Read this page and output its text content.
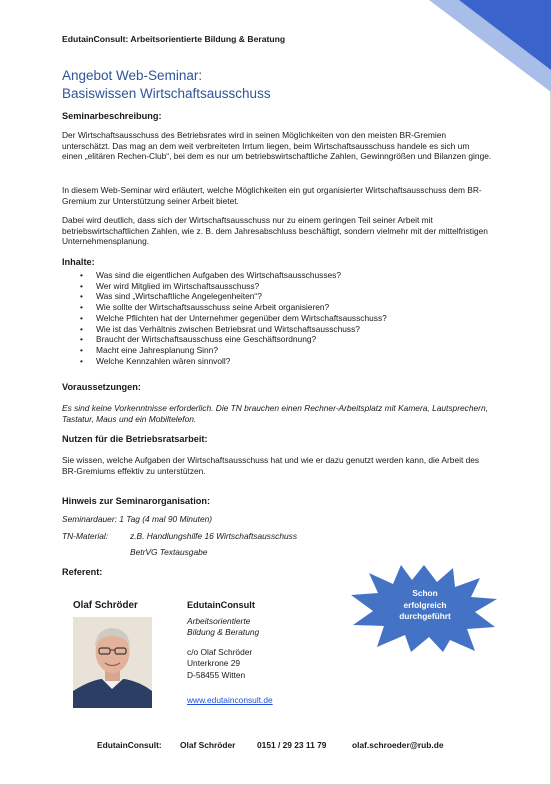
EdutainConsult: Arbeitsorientierte Bildung & Beratung
Angebot Web-Seminar:
Basiswissen Wirtschaftsausschuss
Seminarbeschreibung:
Der Wirtschaftsausschuss des Betriebsrates wird in seinen Möglichkeiten von den meisten BR-Gremien unterschätzt. Das mag an dem weit verbreiteten Irrtum liegen, beim Wirtschaftsausschuss handele es sich um einen „elitären Rechen-Club“, bei dem es nur um betriebswirtschaftliche Zahlen, Gewinngrößen und Bilanzen ginge.
In diesem Web-Seminar wird erläutert, welche Möglichkeiten ein gut organisierter Wirtschaftsausschuss dem BR-Gremium zur Unterstützung seiner Arbeit bietet.
Dabei wird deutlich, dass sich der Wirtschaftsausschuss nur zu einem geringen Teil seiner Arbeit mit betriebswirtschaftlichen Zahlen, wie z. B. dem Jahresabschluss beschäftigt, sondern vielmehr mit der mittelfristigen Unternehmensplanung.
Inhalte:
• Was sind die eigentlichen Aufgaben des Wirtschaftsausschusses?
• Wer wird Mitglied im Wirtschaftsausschuss?
• Was sind „Wirtschaftliche Angelegenheiten“?
• Wie sollte der Wirtschaftsausschuss seine Arbeit organisieren?
• Welche Pflichten hat der Unternehmer gegenüber dem Wirtschaftsausschuss?
• Wie ist das Verhältnis zwischen Betriebsrat und Wirtschaftsausschuss?
• Braucht der Wirtschaftsausschuss eine Geschäftsordnung?
• Macht eine Jahresplanung Sinn?
• Welche Kennzahlen wären sinnvoll?
Voraussetzungen:
Es sind keine Vorkenntnisse erforderlich. Die TN brauchen einen Rechner-Arbeitsplatz mit Kamera, Lautsprechern, Tastatur, Maus und ein Mobiltelefon.
Nutzen für die Betriebsratsarbeit:
Sie wissen, welche Aufgaben der Wirtschaftsausschuss hat und wie er dazu genutzt werden kann, die Arbeit des BR-Gremiums effektiv zu unterstützen.
Hinweis zur Seminarorganisation:
Seminardauer: 1 Tag (4 mal 90 Minuten)
TN-Material:	z.B. Handlungshilfe 16 Wirtschaftsausschuss
BetrVG Textausgabe
Referent:
Olaf Schröder	EdutainConsult
Arbeitsorientierte
Bildung & Beratung
c/o Olaf Schröder
Unterkrone 29
D-58455 Witten
www.edutainconsult.de
Schon
erfolgreich
durchgeführt
EdutainConsult: Olaf Schröder	0151 / 29 23 11 79	olaf.schroeder@rub.de
